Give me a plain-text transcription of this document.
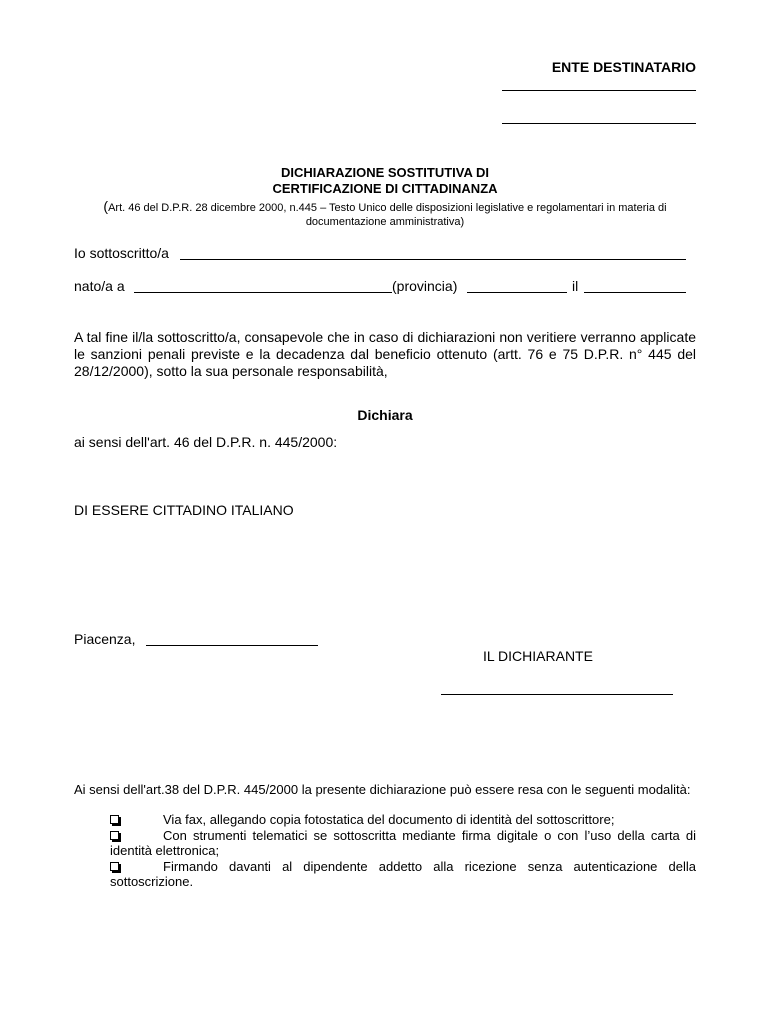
ENTE DESTINATARIO
DICHIARAZIONE SOSTITUTIVA DI
CERTIFICAZIONE DI CITTADINANZA
(Art. 46 del D.P.R. 28 dicembre 2000, n.445 – Testo Unico delle disposizioni legislative e regolamentari in materia di documentazione amministrativa)
Io sottoscritto/a
nato/a a	(provincia)	il
A tal fine il/la sottoscritto/a, consapevole che in caso di dichiarazioni non veritiere verranno applicate le sanzioni penali previste e la decadenza dal beneficio ottenuto (artt. 76 e 75 D.P.R. n° 445 del 28/12/2000), sotto la sua personale responsabilità,
Dichiara
ai sensi dell'art. 46 del D.P.R. n. 445/2000:
DI ESSERE CITTADINO ITALIANO
Piacenza,
IL DICHIARANTE
Ai sensi dell'art.38 del D.P.R. 445/2000 la presente dichiarazione può essere resa con le seguenti modalità:
Via fax, allegando copia fotostatica del documento di identità del sottoscrittore;
Con strumenti telematici se sottoscritta mediante firma digitale o con l’uso della carta di identità elettronica;
Firmando davanti al dipendente addetto alla ricezione senza autenticazione della sottoscrizione.
